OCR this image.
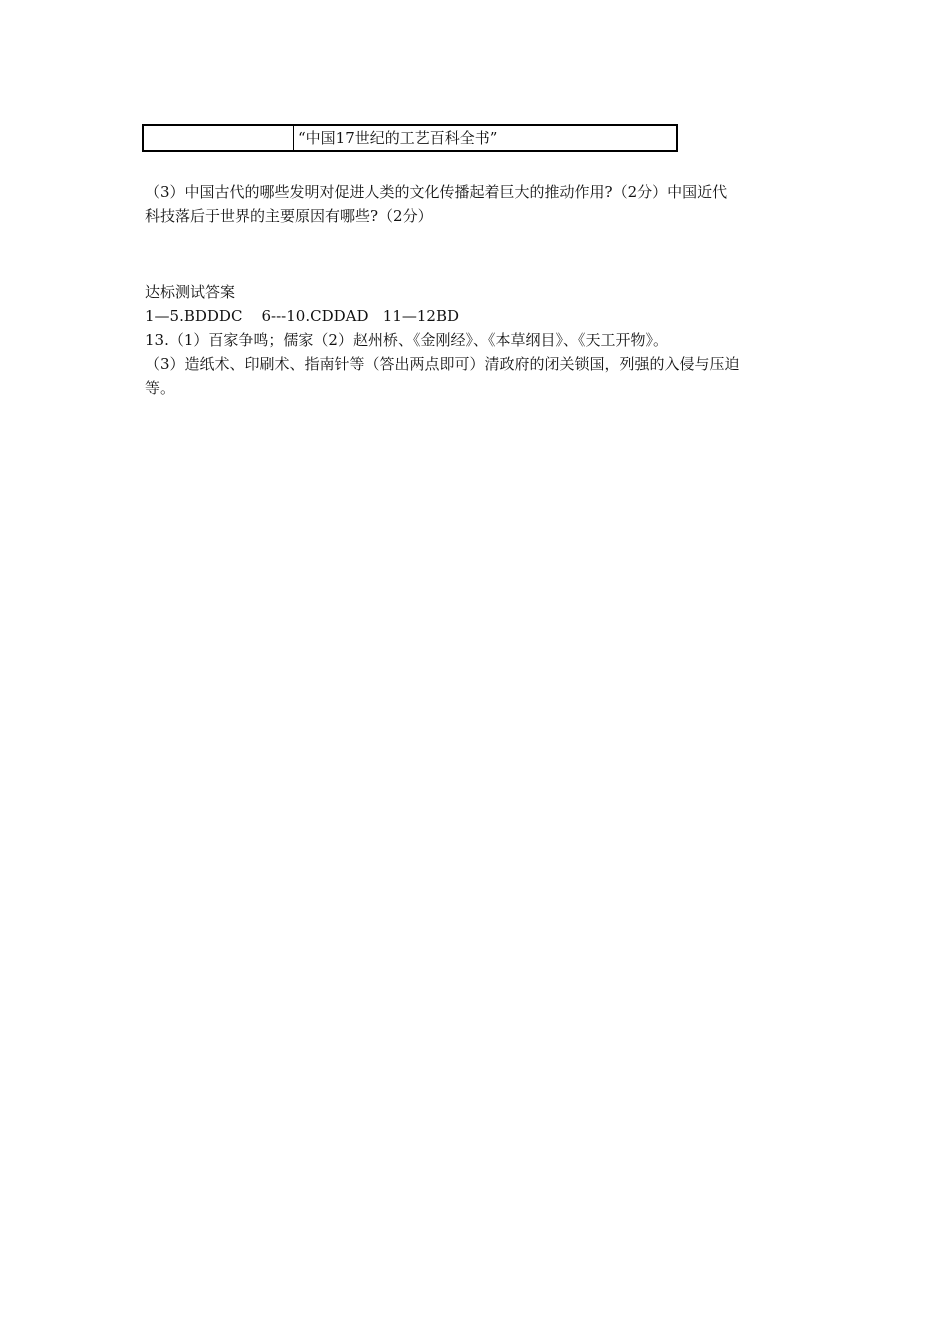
“中国17世纪的工艺百科全书”
（3）中国古代的哪些发明对促进人类的文化传播起着巨大的推动作用?（2分）中国近代
科技落后于世界的主要原因有哪些?（2分）
达标测试答案
1—5.BDDDC    6---10.CDDAD   11—12BD
13.（1）百家争鸣；儒家（2）赵州桥、《金刚经》、《本草纲目》、《天工开物》。
（3）造纸术、印刷术、指南针等（答出两点即可）清政府的闭关锁国，列强的入侵与压迫
等。
